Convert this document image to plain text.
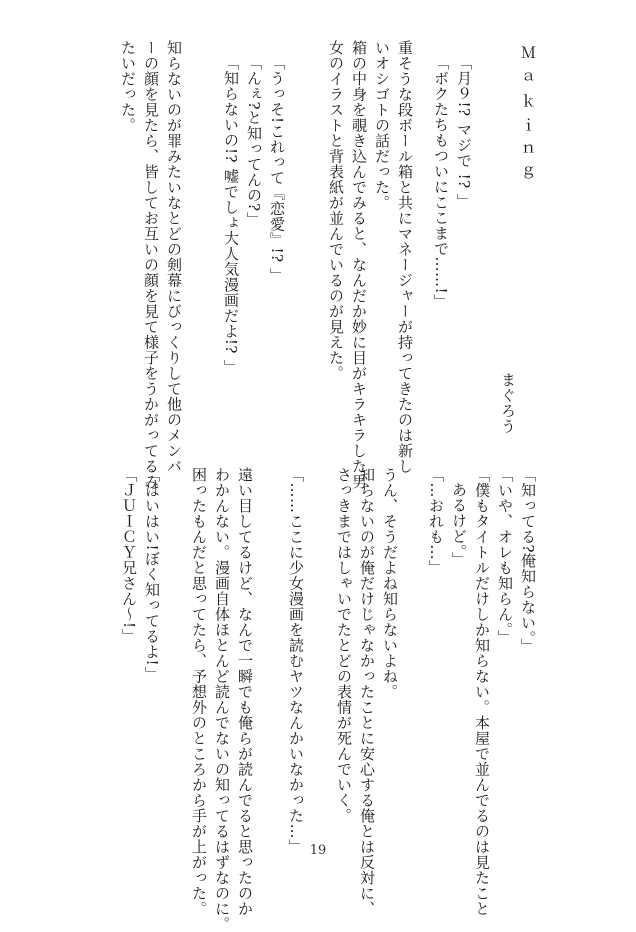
Ｍａｋｉｎｇ
まぐろう
「月９!? マジで !? 」
「ボクたちもついにここまで……!」
重そうな段ボール箱と共にマネージャーが持ってきたのは新し
いオシゴトの話だった。
箱の中身を覗き込んでみると、なんだか妙に目がキラキラした男
女のイラストと背表紙が並んでいるのが見えた。
「うっそ!これって『恋愛』!? 」
「んぇ?と知ってんの?」
「知らないの!? 嘘でしょ大人気漫画だよ!? 」
知らないのが罪みたいなとどの剣幕にびっくりして他のメンバ
ーの顔を見たら、皆してお互いの顔を見て様子をうかがってるみ
たいだった。
「知ってる?俺知らない。」
「いや、オレも知らん。」
「僕もタイトルだけしか知らない。本屋で並んでるのは見たこと
あるけど。」
「…おれも…」
うん、そうだよね知らないよね。
知らないのが俺だけじゃなかったことに安心する俺とは反対に、
さっきまではしゃいでたとどの表情が死んでいく。
「……ここに少女漫画を読むヤツなんかいなかった…」
遠い目してるけど、なんで一瞬でも俺らが読んでると思ったのか
わかんない。漫画自体ほとんど読んでないの知ってるはずなのに。
困ったもんだと思ってたら、予想外のところから手が上がった。
「はいはい!ぼく知ってるよ!」
「ＪＵＩＣＹ兄さん～!」
19
